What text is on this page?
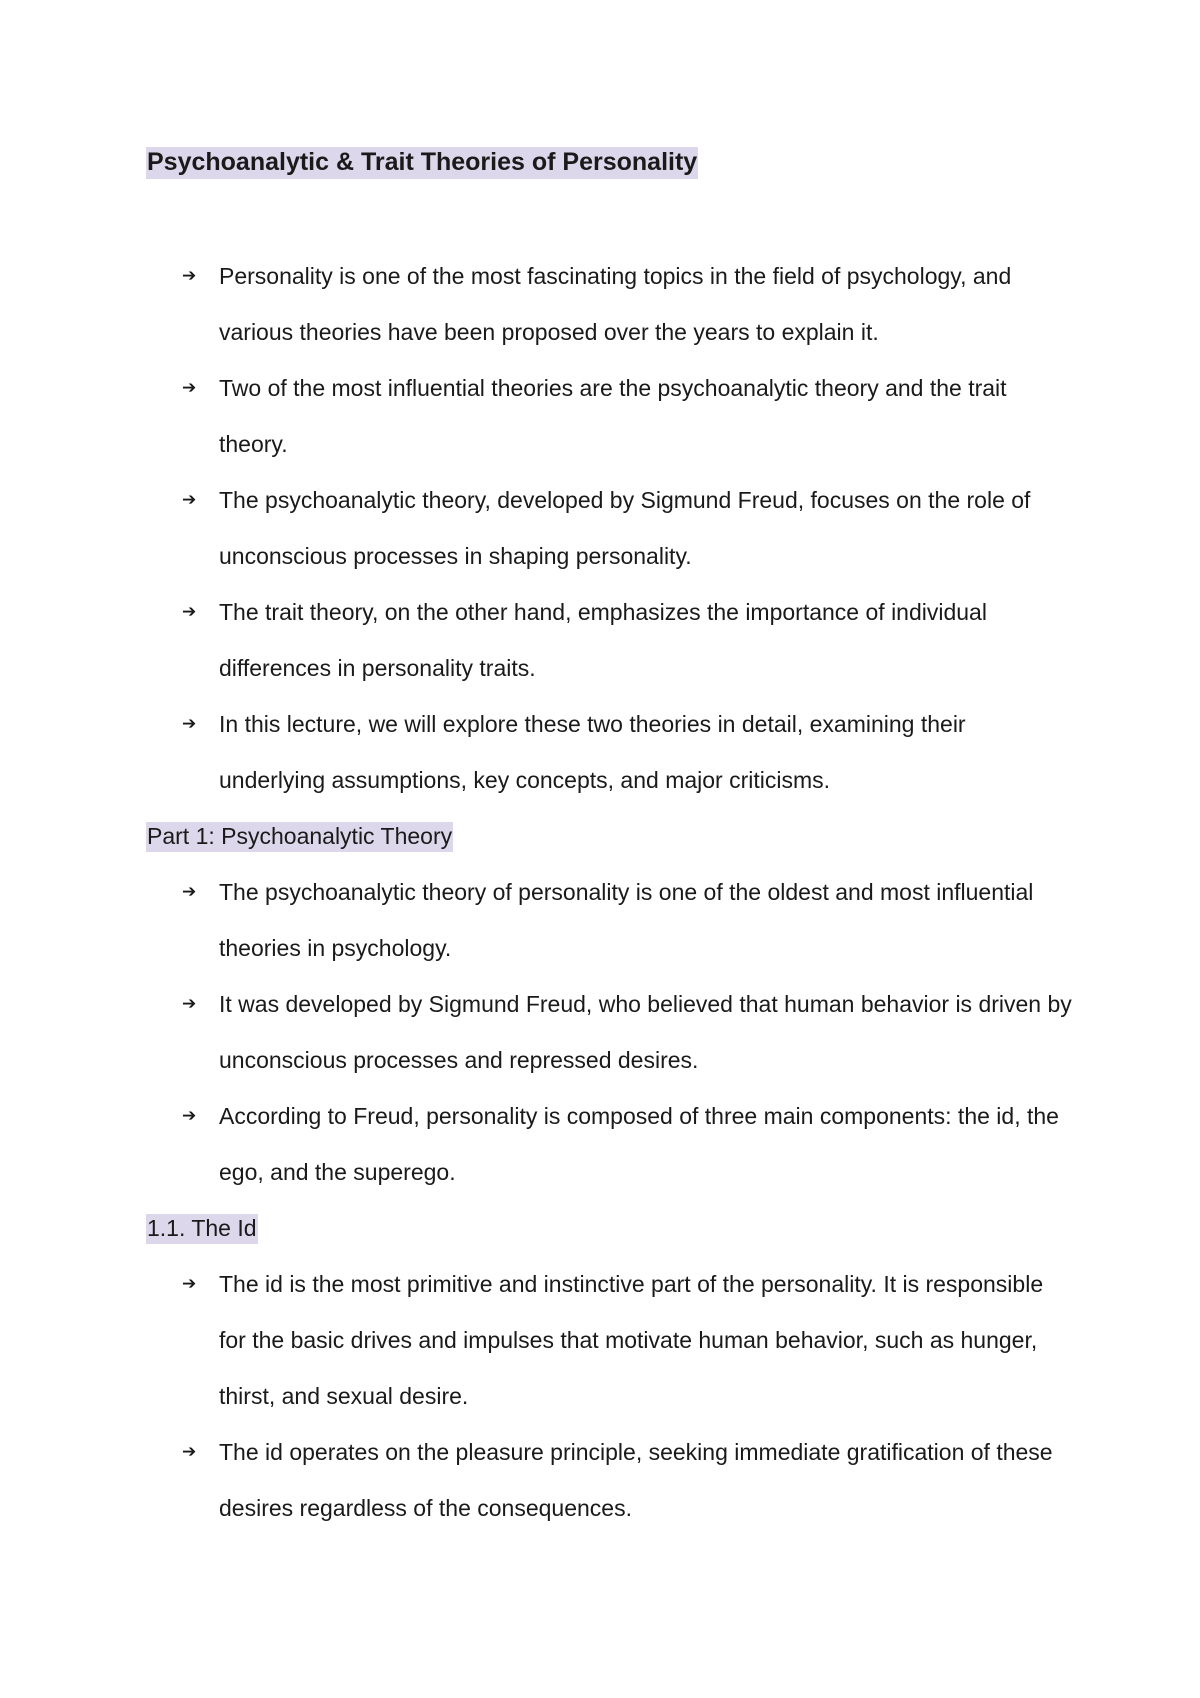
Psychoanalytic & Trait Theories of Personality
➔ Personality is one of the most fascinating topics in the field of psychology, and various theories have been proposed over the years to explain it.
➔ Two of the most influential theories are the psychoanalytic theory and the trait theory.
➔ The psychoanalytic theory, developed by Sigmund Freud, focuses on the role of unconscious processes in shaping personality.
➔ The trait theory, on the other hand, emphasizes the importance of individual differences in personality traits.
➔ In this lecture, we will explore these two theories in detail, examining their underlying assumptions, key concepts, and major criticisms.
Part 1: Psychoanalytic Theory
➔ The psychoanalytic theory of personality is one of the oldest and most influential theories in psychology.
➔ It was developed by Sigmund Freud, who believed that human behavior is driven by unconscious processes and repressed desires.
➔ According to Freud, personality is composed of three main components: the id, the ego, and the superego.
1.1. The Id
➔ The id is the most primitive and instinctive part of the personality. It is responsible for the basic drives and impulses that motivate human behavior, such as hunger, thirst, and sexual desire.
➔ The id operates on the pleasure principle, seeking immediate gratification of these desires regardless of the consequences.
